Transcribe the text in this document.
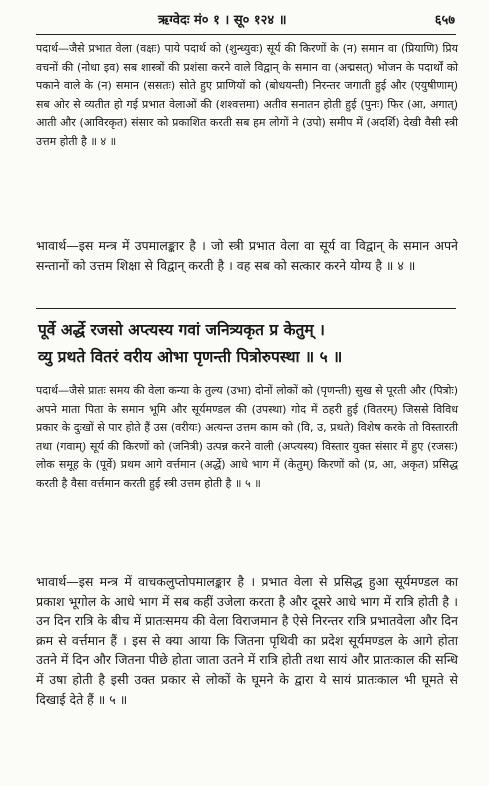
ऋग्वेदः मं० १ । सू० १२४ ॥	६५७

पदार्थ—जैसे प्रभात वेला (वक्षः) पाये पदार्थ को (शुन्ध्युवः) सूर्य की किरणों के (न) समान वा (प्रियाणि) प्रिय वचनों की (नोधा इव) सब शास्त्रों की प्रशंसा करने वाले विद्वान् के समान वा (अद्मसत्) भोजन के पदार्थों को पकाने वाले के (न) समान (ससतः) सोते हुए प्राणियों को (बोधयन्ती) निरन्तर जगाती हुई और (एयुषीणाम्) सब ओर से व्यतीत हो गई प्रभात वेलाओं की (शश्वत्तमा) अतीव सनातन होती हुई (पुनः) फिर (आ, अगात्) आती और (आविरकृत) संसार को प्रकाशित करती सब हम लोगों ने (उपो) समीप में (अदर्शि) देखी वैसी स्त्री उत्तम होती है ॥ ४ ॥

भावार्थ—इस मन्त्र में उपमालङ्कार है । जो स्त्री प्रभात वेला वा सूर्य वा विद्वान् के समान अपने सन्तानों को उत्तम शिक्षा से विद्वान् करती है । वह सब को सत्कार करने योग्य है ॥ ४ ॥

पूर्वे अर्द्धे रजसो अप्त्यस्य गवां जनित्र्यकृत प्र केतुम् ।
व्यु प्रथते वितरं वरीय ओभा पृणन्ती पित्रोरुपस्था ॥ ५ ॥

पदार्थ—जैसे प्रातः समय की वेला कन्या के तुल्य (उभा) दोनों लोकों को (पृणन्ती) सुख से पूरती और (पित्रोः) अपने माता पिता के समान भूमि और सूर्यमण्डल की (उपस्था) गोद में ठहरी हुई (वितरम्) जिससे विविध प्रकार के दुःखों से पार होते हैं उस (वरीयः) अत्यन्त उत्तम काम को (वि, उ, प्रथते) विशेष करके तो विस्तारती तथा (गवाम्) सूर्य की किरणों को (जनित्री) उत्पन्न करने वाली (अप्त्यस्य) विस्तार युक्त संसार में हुए (रजसः) लोक समूह के (पूर्वे) प्रथम आगे वर्त्तमान (अर्द्धे) आधे भाग में (केतुम्) किरणों को (प्र, आ, अकृत) प्रसिद्ध करती है वैसा वर्त्तमान करती हुई स्त्री उत्तम होती है ॥ ५ ॥

भावार्थ—इस मन्त्र में वाचकलुप्तोपमालङ्कार है । प्रभात वेला से प्रसिद्ध हुआ सूर्यमण्डल का प्रकाश भूगोल के आधे भाग में सब कहीं उजेला करता है और दूसरे आधे भाग में रात्रि होती है । उन दिन रात्रि के बीच में प्रातःसमय की वेला विराजमान है ऐसे निरन्तर रात्रि प्रभातवेला और दिन क्रम से वर्त्तमान हैं । इस से क्या आया कि जितना पृथिवी का प्रदेश सूर्यमण्डल के आगे होता उतने में दिन और जितना पीछे होता जाता उतने में रात्रि होती तथा सायं और प्रातःकाल की सन्धि में उषा होती है इसी उक्त प्रकार से लोकों के घूमने के द्वारा ये सायं प्रातःकाल भी घूमते से दिखाई देते हैं ॥ ५ ॥
